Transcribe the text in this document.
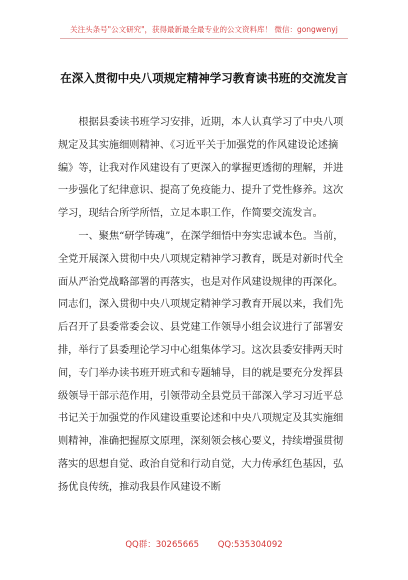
关注头条号"公文研究"，获得最新最全最专业的公文资料库！ 微信：gongwenyj
在深入贯彻中央八项规定精神学习教育读书班的交流发言

根据县委读书班学习安排，近期，本人认真学习了中央八项规定及其实施细则精神、《习近平关于加强党的作风建设论述摘编》等，让我对作风建设有了更深入的掌握更透彻的理解，并进一步强化了纪律意识、提高了免疫能力、提升了党性修养。这次学习，现结合所学所悟，立足本职工作，作简要交流发言。

一、聚焦“研学铸魂”，在深学细悟中夯实忠诚本色。当前，全党开展深入贯彻中央八项规定精神学习教育，既是对新时代全面从严治党战略部署的再落实，也是对作风建设规律的再深化。同志们，深入贯彻中央八项规定精神学习教育开展以来，我们先后召开了县委常委会议、县党建工作领导小组会议进行了部署安排，举行了县委理论学习中心组集体学习。这次县委安排两天时间，专门举办读书班开班式和专题辅导，目的就是要充分发挥县级领导干部示范作用，引领带动全县党员干部深入学习习近平总书记关于加强党的作风建设重要论述和中央八项规定及其实施细则精神，准确把握原文原理，深刻领会核心要义，持续增强贯彻落实的思想自觉、政治自觉和行动自觉，大力传承红色基因，弘扬优良传统，推动我县作风建设不断

QQ群：30265665 QQ:535304092
